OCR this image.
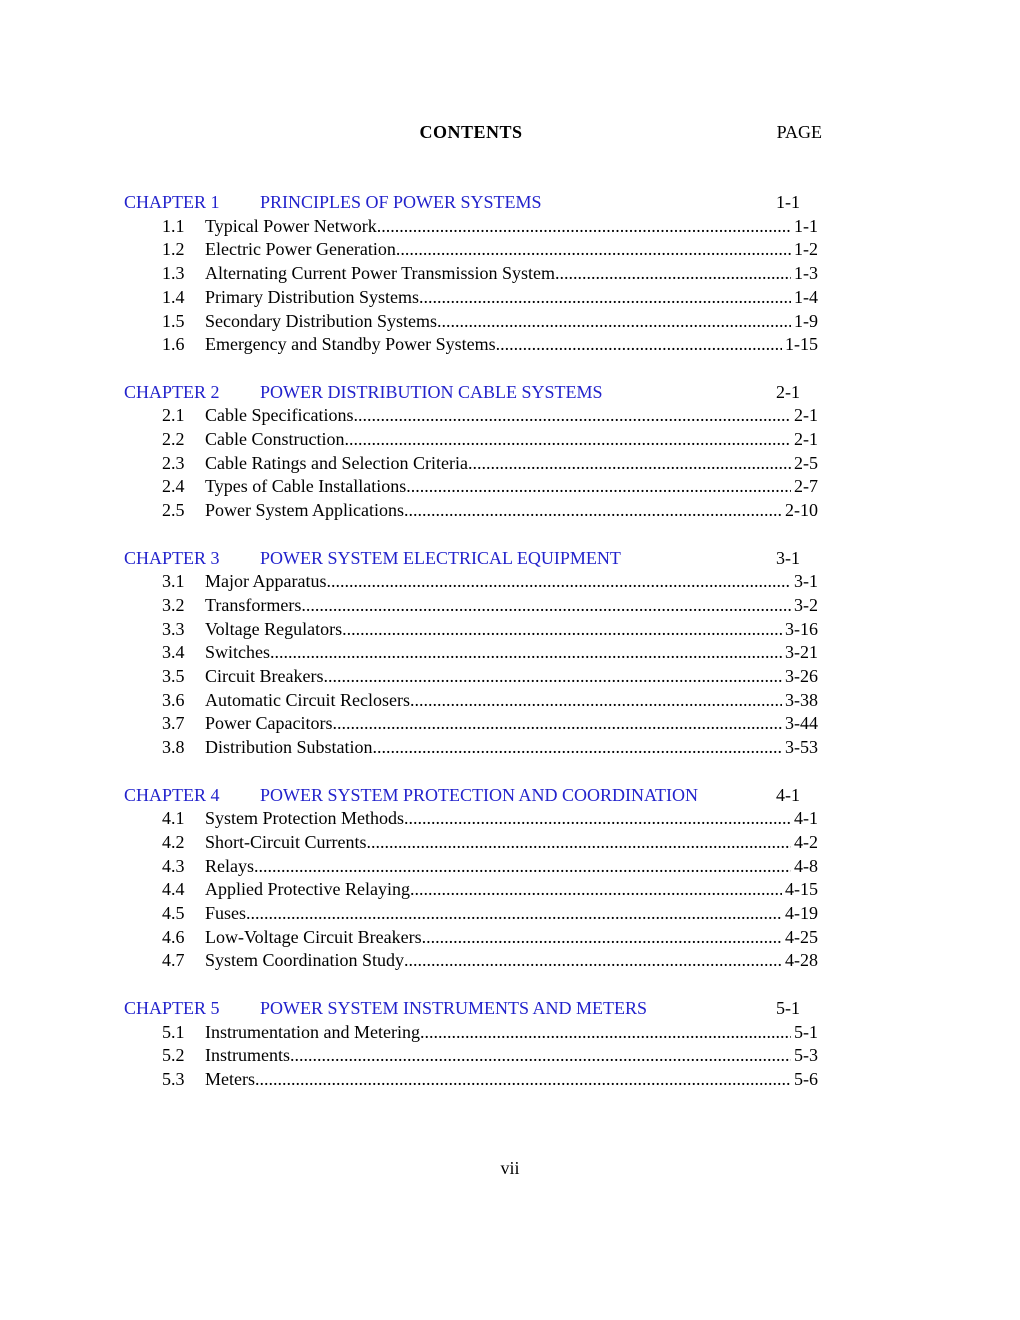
CONTENTS	PAGE
CHAPTER 1	PRINCIPLES OF POWER SYSTEMS	1-1
1.1	Typical Power Network .....	1-1
1.2	Electric Power Generation .....	1-2
1.3	Alternating Current Power Transmission System .....	1-3
1.4	Primary Distribution Systems .....	1-4
1.5	Secondary Distribution Systems .....	1-9
1.6	Emergency and Standby Power Systems .....	1-15
CHAPTER 2	POWER DISTRIBUTION CABLE SYSTEMS	2-1
2.1	Cable Specifications .....	2-1
2.2	Cable Construction .....	2-1
2.3	Cable Ratings and Selection Criteria .....	2-5
2.4	Types of Cable Installations .....	2-7
2.5	Power System Applications .....	2-10
CHAPTER 3	POWER SYSTEM ELECTRICAL EQUIPMENT	3-1
3.1	Major Apparatus .....	3-1
3.2	Transformers .....	3-2
3.3	Voltage Regulators .....	3-16
3.4	Switches .....	3-21
3.5	Circuit Breakers .....	3-26
3.6	Automatic Circuit Reclosers .....	3-38
3.7	Power Capacitors .....	3-44
3.8	Distribution Substation .....	3-53
CHAPTER 4	POWER SYSTEM PROTECTION AND COORDINATION	4-1
4.1	System Protection Methods .....	4-1
4.2	Short-Circuit Currents .....	4-2
4.3	Relays .....	4-8
4.4	Applied Protective Relaying .....	4-15
4.5	Fuses .....	4-19
4.6	Low-Voltage Circuit Breakers .....	4-25
4.7	System Coordination Study .....	4-28
CHAPTER 5	POWER SYSTEM INSTRUMENTS AND METERS	5-1
5.1	Instrumentation and Metering .....	5-1
5.2	Instruments .....	5-3
5.3	Meters .....	5-6
vii
